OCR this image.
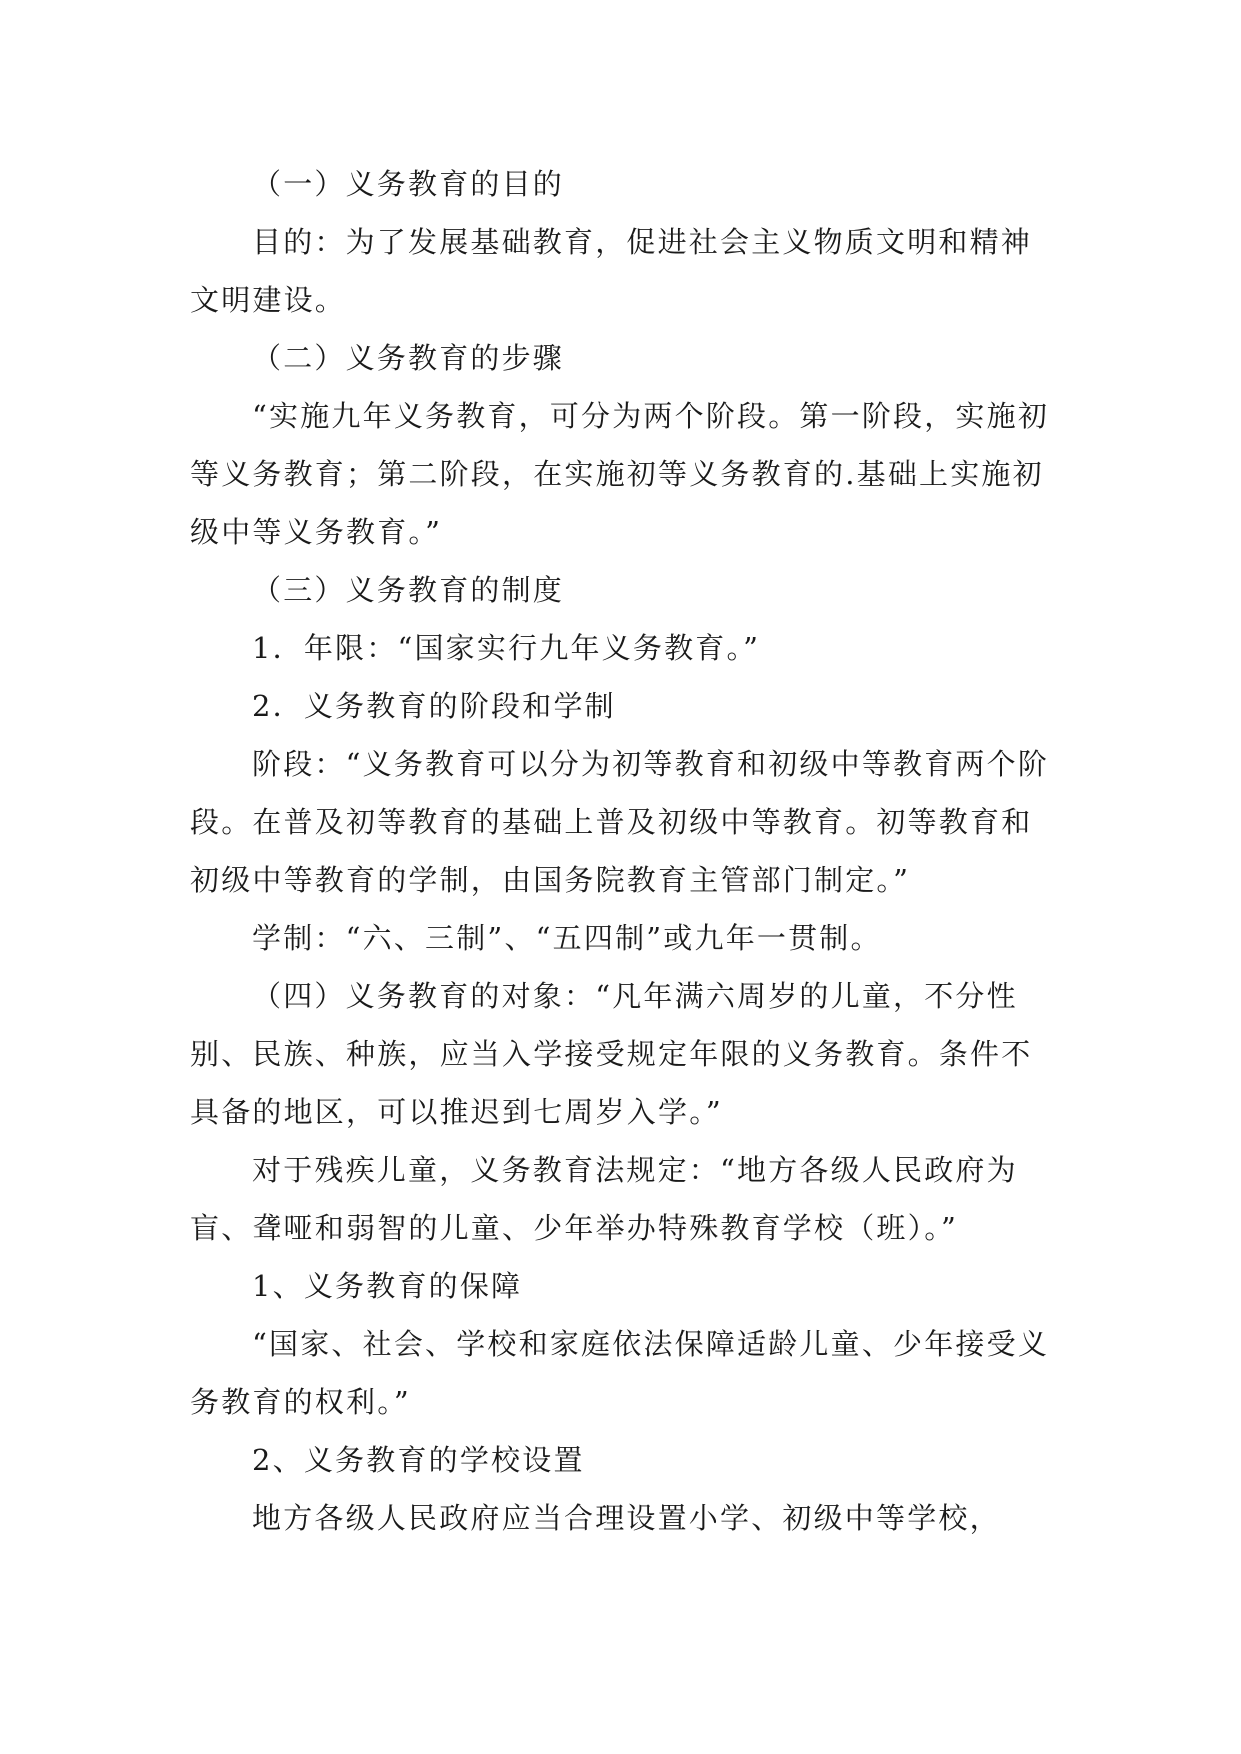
（一）义务教育的目的

目的：为了发展基础教育，促进社会主义物质文明和精神文明建设。

（二）义务教育的步骤

“实施九年义务教育，可分为两个阶段。第一阶段，实施初等义务教育；第二阶段，在实施初等义务教育的.基础上实施初级中等义务教育。”

（三）义务教育的制度

1．年限：“国家实行九年义务教育。”

2．义务教育的阶段和学制

阶段：“义务教育可以分为初等教育和初级中等教育两个阶段。在普及初等教育的基础上普及初级中等教育。初等教育和初级中等教育的学制，由国务院教育主管部门制定。”

学制：“六、三制”、“五四制”或九年一贯制。

（四）义务教育的对象：“凡年满六周岁的儿童，不分性别、民族、种族，应当入学接受规定年限的义务教育。条件不具备的地区，可以推迟到七周岁入学。”

对于残疾儿童，义务教育法规定：“地方各级人民政府为盲、聋哑和弱智的儿童、少年举办特殊教育学校（班）。”

1、义务教育的保障

“国家、社会、学校和家庭依法保障适龄儿童、少年接受义务教育的权利。”

2、义务教育的学校设置

地方各级人民政府应当合理设置小学、初级中等学校，
